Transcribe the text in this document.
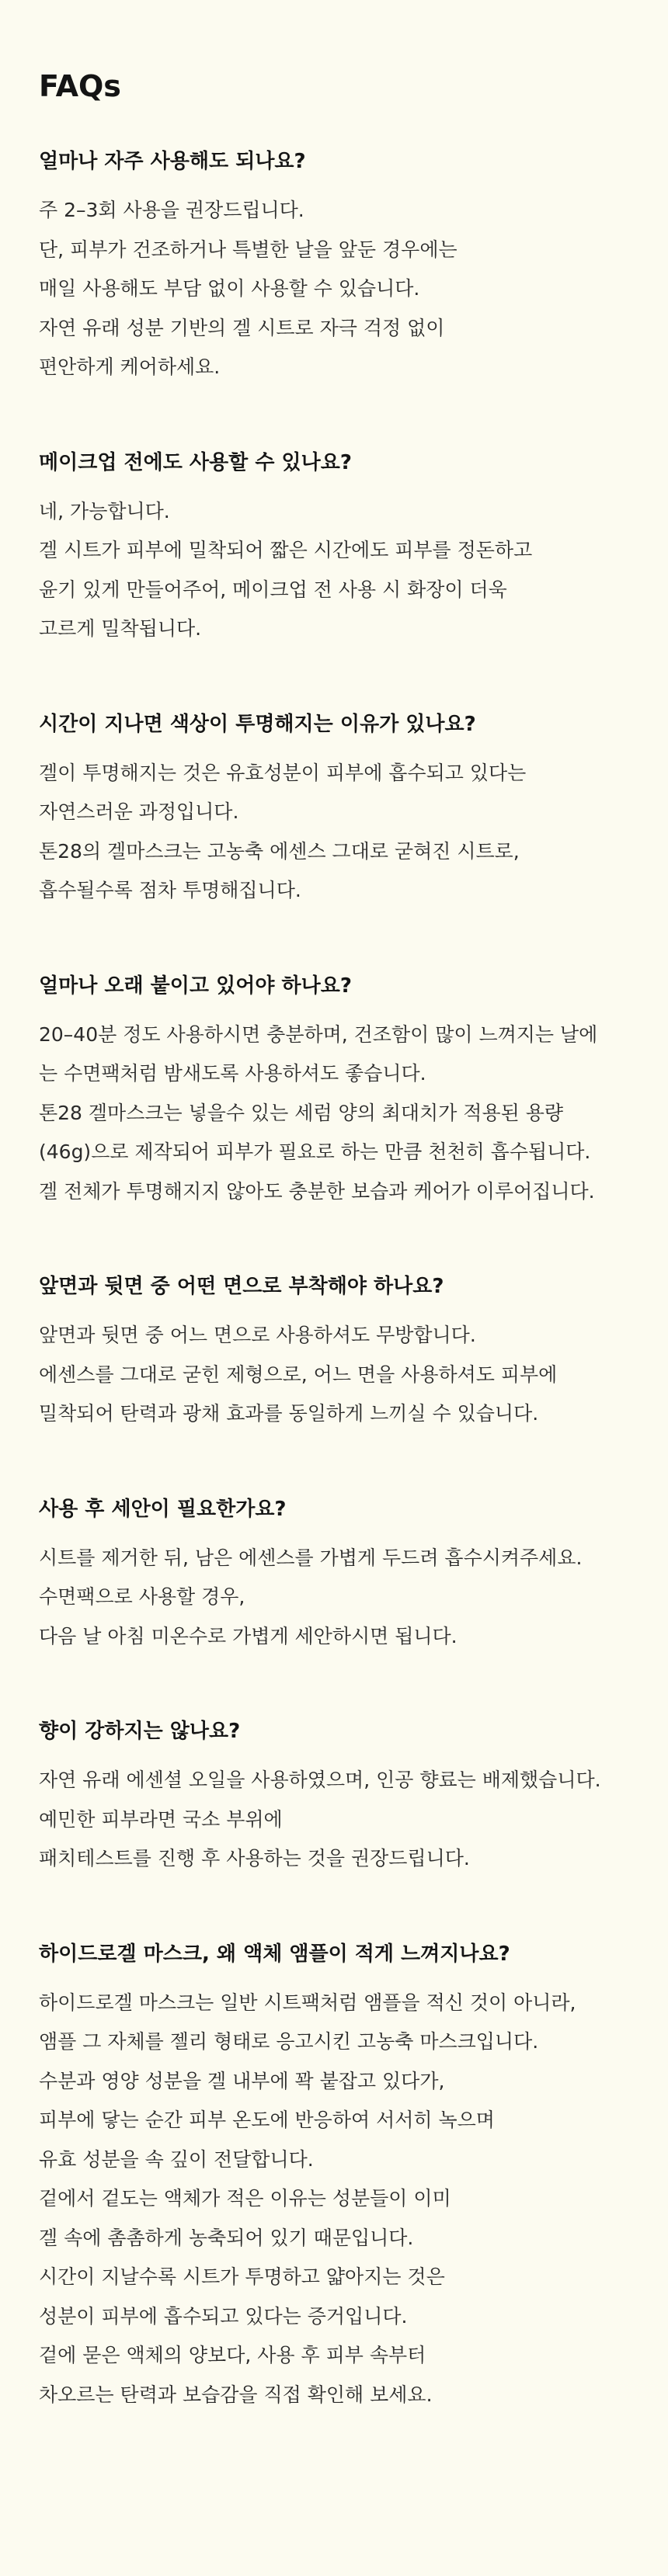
FAQs
얼마나 자주 사용해도 되나요?

주 2–3회 사용을 권장드립니다.
단, 피부가 건조하거나 특별한 날을 앞둔 경우에는
매일 사용해도 부담 없이 사용할 수 있습니다.
자연 유래 성분 기반의 겔 시트로 자극 걱정 없이
편안하게 케어하세요.

메이크업 전에도 사용할 수 있나요?

네, 가능합니다.
겔 시트가 피부에 밀착되어 짧은 시간에도 피부를 정돈하고
윤기 있게 만들어주어, 메이크업 전 사용 시 화장이 더욱
고르게 밀착됩니다.

시간이 지나면 색상이 투명해지는 이유가 있나요?

겔이 투명해지는 것은 유효성분이 피부에 흡수되고 있다는
자연스러운 과정입니다.
톤28의 겔마스크는 고농축 에센스 그대로 굳혀진 시트로,
흡수될수록 점차 투명해집니다.

얼마나 오래 붙이고 있어야 하나요?

20–40분 정도 사용하시면 충분하며, 건조함이 많이 느껴지는 날에
는 수면팩처럼 밤새도록 사용하셔도 좋습니다.
톤28 겔마스크는 넣을수 있는 세럼 양의 최대치가 적용된 용량
(46g)으로 제작되어 피부가 필요로 하는 만큼 천천히 흡수됩니다.
겔 전체가 투명해지지 않아도 충분한 보습과 케어가 이루어집니다.

앞면과 뒷면 중 어떤 면으로 부착해야 하나요?

앞면과 뒷면 중 어느 면으로 사용하셔도 무방합니다.
에센스를 그대로 굳힌 제형으로, 어느 면을 사용하셔도 피부에
밀착되어 탄력과 광채 효과를 동일하게 느끼실 수 있습니다.

사용 후 세안이 필요한가요?

시트를 제거한 뒤, 남은 에센스를 가볍게 두드려 흡수시켜주세요.
수면팩으로 사용할 경우,
다음 날 아침 미온수로 가볍게 세안하시면 됩니다.

향이 강하지는 않나요?

자연 유래 에센셜 오일을 사용하였으며, 인공 향료는 배제했습니다.
예민한 피부라면 국소 부위에
패치테스트를 진행 후 사용하는 것을 권장드립니다.

하이드로겔 마스크, 왜 액체 앰플이 적게 느껴지나요?

하이드로겔 마스크는 일반 시트팩처럼 앰플을 적신 것이 아니라,
앰플 그 자체를 젤리 형태로 응고시킨 고농축 마스크입니다.
수분과 영양 성분을 겔 내부에 꽉 붙잡고 있다가,
피부에 닿는 순간 피부 온도에 반응하여 서서히 녹으며
유효 성분을 속 깊이 전달합니다.
겉에서 겉도는 액체가 적은 이유는 성분들이 이미
겔 속에 촘촘하게 농축되어 있기 때문입니다.
시간이 지날수록 시트가 투명하고 얇아지는 것은
성분이 피부에 흡수되고 있다는 증거입니다.
겉에 묻은 액체의 양보다, 사용 후 피부 속부터
차오르는 탄력과 보습감을 직접 확인해 보세요.
